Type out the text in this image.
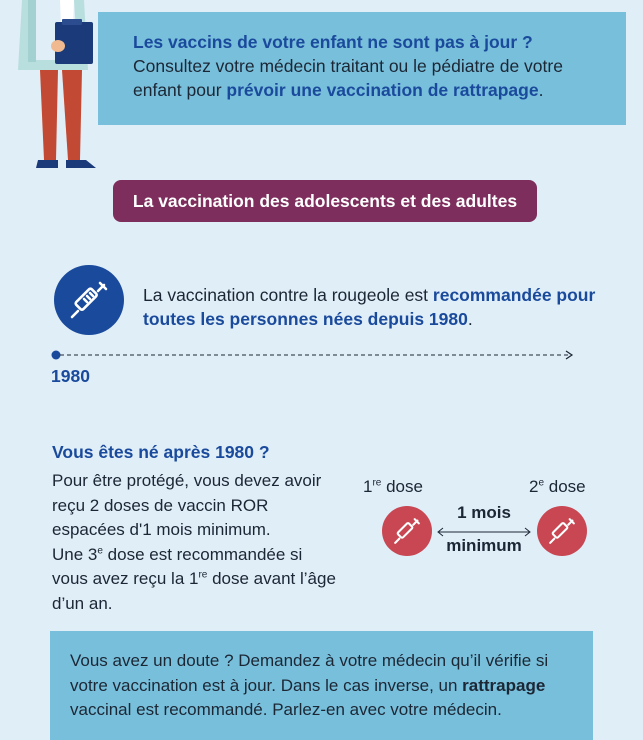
Les vaccins de votre enfant ne sont pas à jour ?
Consultez votre médecin traitant ou le pédiatre de votre enfant pour prévoir une vaccination de rattrapage.
La vaccination des adolescents et des adultes
La vaccination contre la rougeole est recommandée pour toutes les personnes nées depuis 1980.
1980
Vous êtes né après 1980 ?
Pour être protégé, vous devez avoir reçu 2 doses de vaccin ROR espacées d'1 mois minimum.
Une 3e dose est recommandée si vous avez reçu la 1re dose avant l’âge d’un an.
1re dose	2e dose
1 mois
minimum
Vous avez un doute ? Demandez à votre médecin qu’il vérifie si votre vaccination est à jour. Dans le cas inverse, un rattrapage vaccinal est recommandé. Parlez-en avec votre médecin.
